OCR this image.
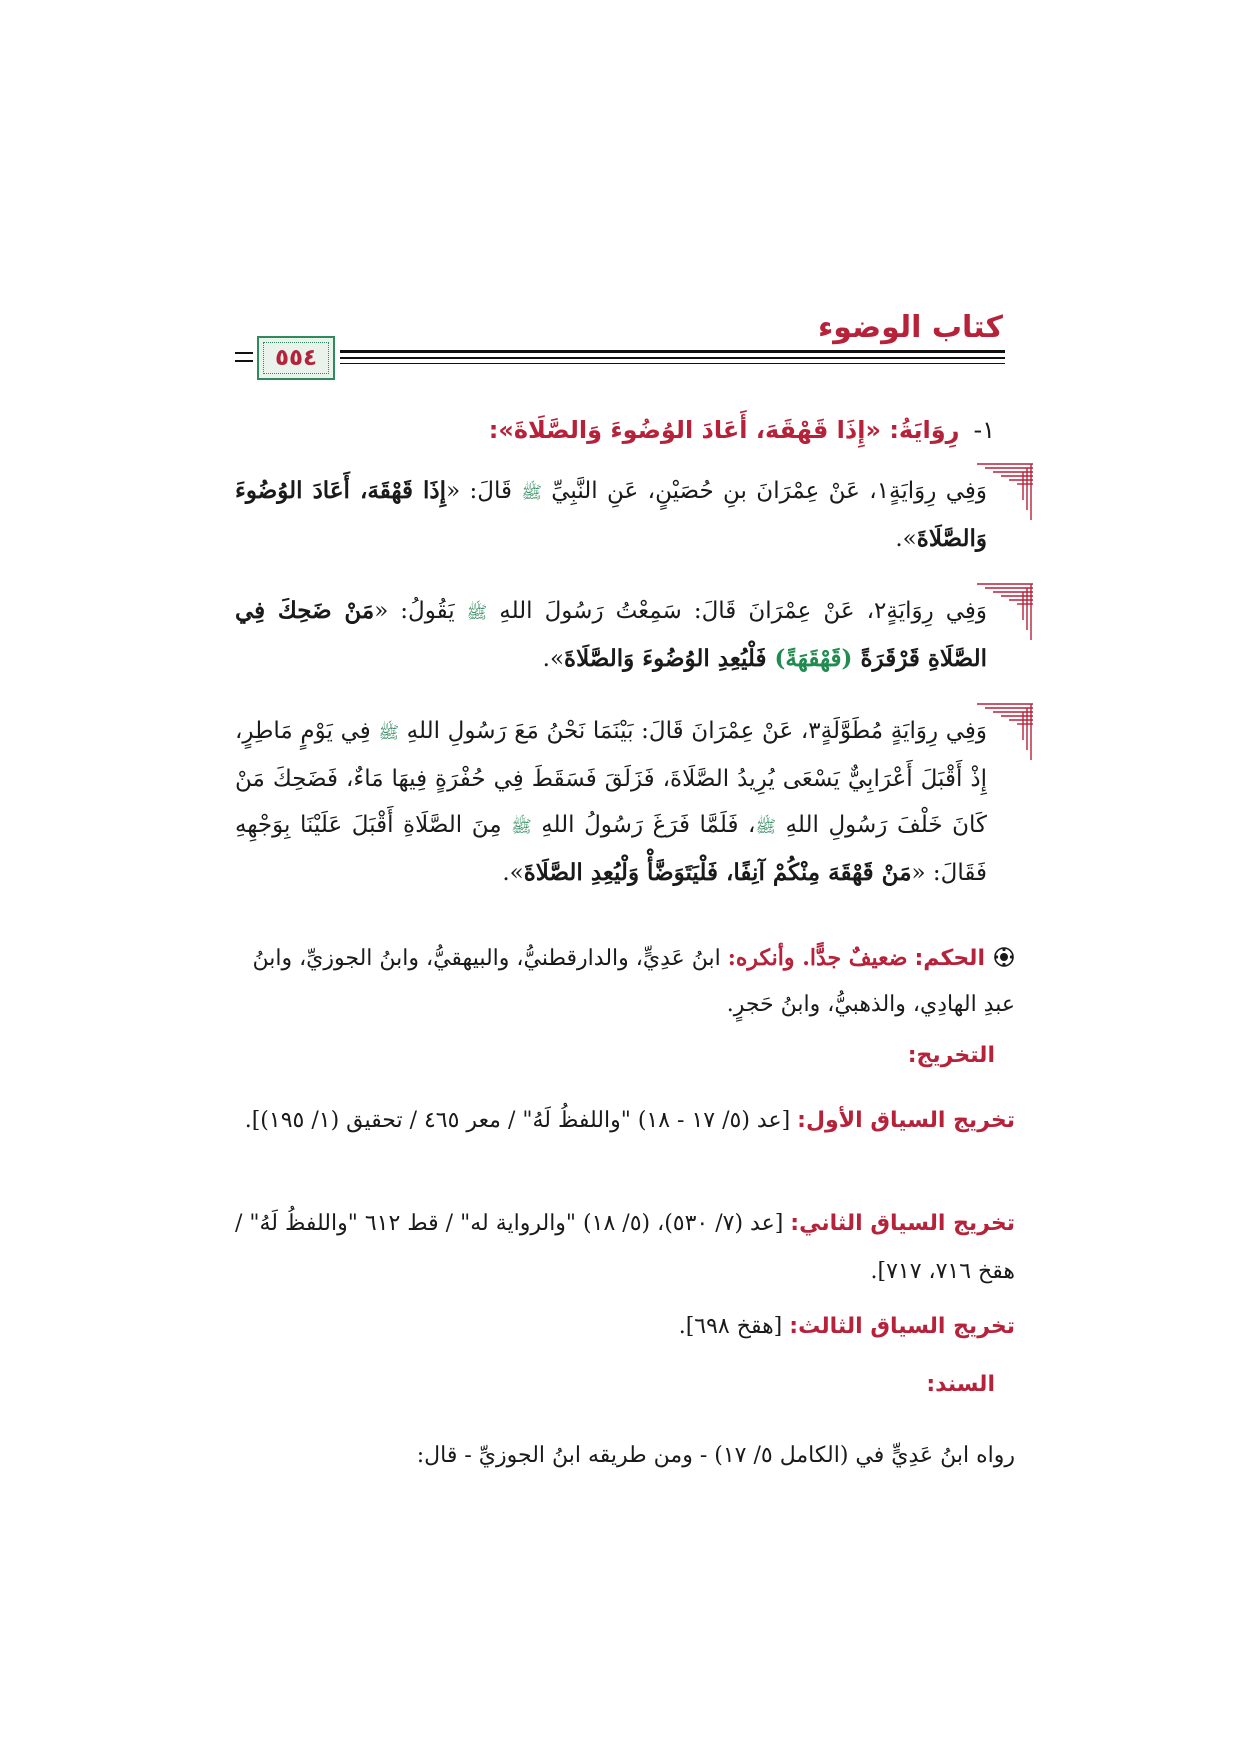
كتاب الوضوء
٥٥٤
١-رِوَايَةُ: «إِذَا قَهْقَهَ، أَعَادَ الوُضُوءَ وَالصَّلَاةَ»:
وَفِي رِوَايَةٍ١، عَنْ عِمْرَانَ بنِ حُصَيْنٍ، عَنِ النَّبِيِّ ﷺ قَالَ: «إِذَا قَهْقَهَ، أَعَادَ الوُضُوءَ وَالصَّلَاةَ».
وَفِي رِوَايَةٍ٢، عَنْ عِمْرَانَ قَالَ: سَمِعْتُ رَسُولَ اللهِ ﷺ يَقُولُ: «مَنْ ضَحِكَ فِي الصَّلَاةِ قَرْقَرَةً (قَهْقَهَةً) فَلْيُعِدِ الوُضُوءَ وَالصَّلَاةَ».
وَفِي رِوَايَةٍ مُطَوَّلَةٍ٣، عَنْ عِمْرَانَ قَالَ: بَيْنَمَا نَحْنُ مَعَ رَسُولِ اللهِ ﷺ فِي يَوْمٍ مَاطِرٍ، إِذْ أَقْبَلَ أَعْرَابِيٌّ يَسْعَى يُرِيدُ الصَّلَاةَ، فَزَلَقَ فَسَقَطَ فِي حُفْرَةٍ فِيهَا مَاءٌ، فَضَحِكَ مَنْ كَانَ خَلْفَ رَسُولِ اللهِ ﷺ، فَلَمَّا فَرَغَ رَسُولُ اللهِ ﷺ مِنَ الصَّلَاةِ أَقْبَلَ عَلَيْنَا بِوَجْهِهِ فَقَالَ: «مَنْ قَهْقَهَ مِنْكُمْ آنِفًا، فَلْيَتَوَضَّأْ وَلْيُعِدِ الصَّلَاةَ».
الحكم: ضعيفٌ جدًّا. وأنكره: ابنُ عَدِيٍّ، والدارقطنيُّ، والبيهقيُّ، وابنُ الجوزيِّ، وابنُ عبدِ الهادِي، والذهبيُّ، وابنُ حَجرٍ.
التخريج:
تخريج السياق الأول: [عد (٥/ ١٧ - ١٨) "واللفظُ لَهُ" / معر ٤٦٥ / تحقيق (١/ ١٩٥)].
تخريج السياق الثاني: [عد (٧/ ٥٣٠)، (٥/ ١٨) "والرواية له" / قط ٦١٢ "واللفظُ لَهُ" / هقخ ٧١٦، ٧١٧].
تخريج السياق الثالث: [هقخ ٦٩٨].
السند:
رواه ابنُ عَدِيٍّ في (الكامل ٥/ ١٧) - ومن طريقه ابنُ الجوزيِّ - قال:
